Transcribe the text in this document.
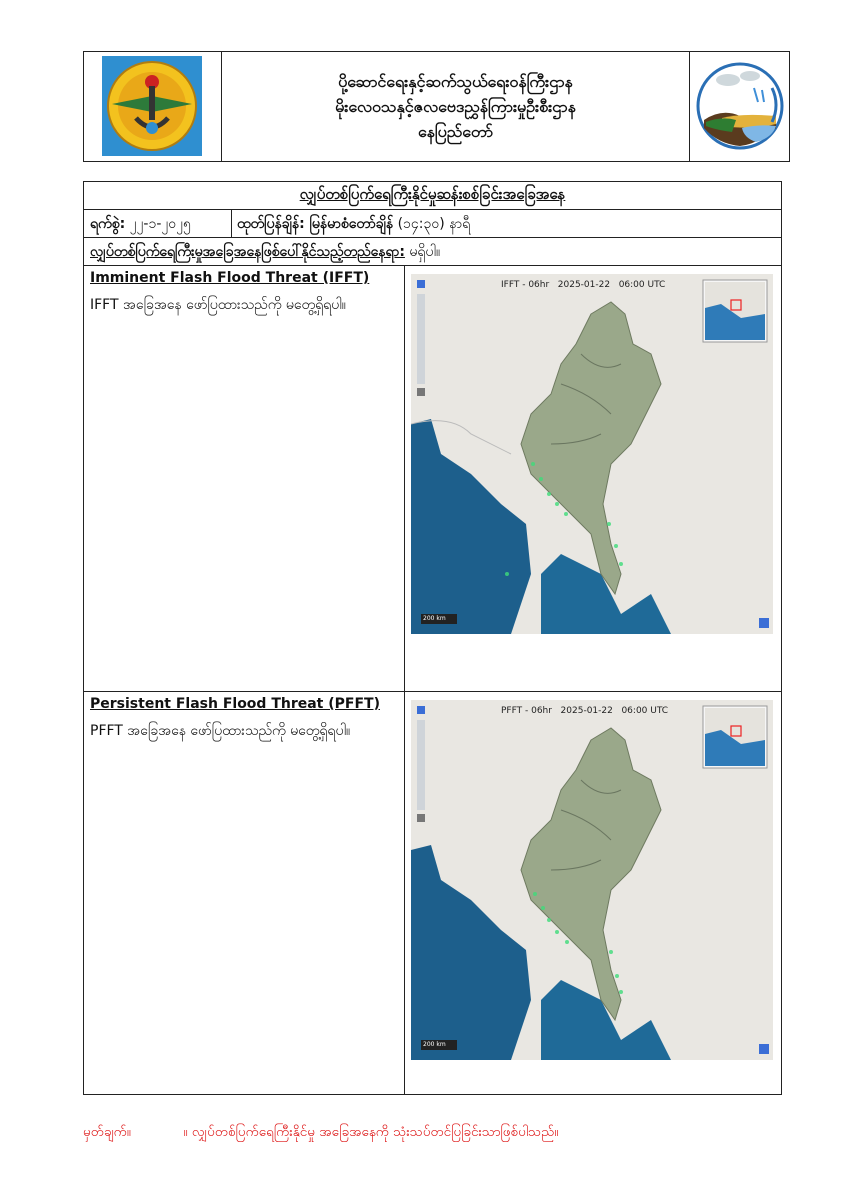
ပို့ဆောင်ရေးနှင့်ဆက်သွယ်ရေးဝန်ကြီးဌာန
မိုးလေဝသနှင့်ဇလဗေဒညွှန်ကြားမှုဦးစီးဌာန
နေပြည်တော်
လျှပ်တစ်ပြက်ရေကြီးနိုင်မှုဆန်းစစ်ခြင်းအခြေအနေ
ရက်စွဲ: ၂၂-၁-၂၀၂၅	ထုတ်ပြန်ချိန်: မြန်မာစံတော်ချိန် (၁၄:၃၀) နာရီ
လျှပ်တစ်ပြက်ရေကြီးမှုအခြေအနေဖြစ်ပေါ်နိုင်သည့်တည်နေရာ: မရှိပါ။
Imminent Flash Flood Threat (IFFT)
IFFT အခြေအနေ ဖော်ပြထားသည်ကို မတွေ့ရှိရပါ။
IFFT - 06hr 2025-01-22 06:00 UTC
200 km
Persistent Flash Flood Threat (PFFT)
PFFT အခြေအနေ ဖော်ပြထားသည်ကို မတွေ့ရှိရပါ။
PFFT - 06hr 2025-01-22 06:00 UTC
200 km
မှတ်ချက်။	။ လျှပ်တစ်ပြက်ရေကြီးနိုင်မှု အခြေအနေကို သုံးသပ်တင်ပြခြင်းသာဖြစ်ပါသည်။
